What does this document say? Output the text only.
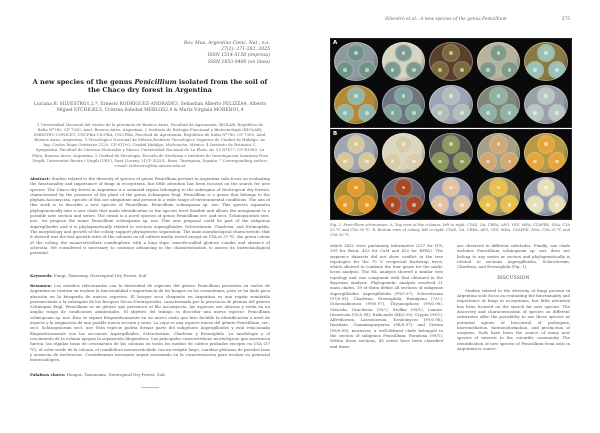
Rev. Mus. Argentino Cienc. Nat., n.s.
27(2): 271-282, 2025
ISSN 1514-5158 (impresa)
ISSN 1853-0400 (en línea)
A new species of the genus Penicillium isolated from the soil of the Chaco dry forest in Argentina
Luciana B. SILVESTRO1,2,*, Ernesto RODRÍGUEZ-ANDRADE3, Sebastian Alberto PELIZZA4, Alberto Miguel STCHIGEL5, Cristina Soledad MERLOS2,4 & María Virginia MORENO1,4
1 Universidad Nacional del centro de la provincia de Buenos Aires, Facultad de Agronomía, BIOLAB, República de Italia Nº780, CP 7300, Azul, Buenos Aires, Argentina. 2 Instituto de Biología Funcional y Biotecnología (BIOLAB), INBIOTEC-CONICET, UNCPBA-CICPBA, UNCPBA, Facultad de Agronomía, República de Italia Nº780, CP 7300, Azul, Buenos Aires, Argentina. 3 Tecnológico Nacional de México/Instituto Tecnológico Superior de Ciudad de Hidalgo, Av. Ing. Carlos Rojas Gutiérrez 2120, CP 61100, Ciudad Hidalgo, Michoacán, México. 4 Instituto de Botánica C. Spegazzini, Facultad de Ciencias Naturales y Museo Universidad Nacional de La Plata, Av. 53 Nº477, CP B1900, La Plata, Buenos Aires, Argentina. 5 Unidad de Micología, Escuela de Medicina e Instituto de Investigación Sanitaria Pere Virgili, Universitat Rovira i Virgili (URV), Sant Llorenç 21CP 43201, Reus, Tarragona, España. * Corresponding author: e-mail: lsilvestro@faa.unicen.edu.ar
Abstract: Studies related to the diversity of species of genus Penicillium present in Argentina soils focus on evaluating the functionality and importance of fungi in ecosystems, but little attention has been focused on the search for new species. The Chaco dry forest in Argentina is a semiarid region belonging to the subregion of Neotropical dry forests, characterized by the presence of the plant of the genus Schinopsis Engl. Penicillium is a genus that belongs to the phylum Ascomycota, species of this are ubiquitous and present in a wide range of environmental conditions. The aim of this work is to describe a new species of Penicillium, Penicillium schinopsum sp. nov. This species separates phylogenetically into a new clade that made identification to the species level feasible and allows the assignment to a possible new section and series. The strain is a novel species of genus Penicillium ser. and sect. Schinopsiorum sect. nov., we propose the name Penicillium schinopsum sp. nov. This new proposal could be part of the subgenus Aspergilloides and it is phylogenetically related to sections Aspergilloides, Sclerotiorum, Charlesia, and Eremophila. The morphology and growth of the colony support phylogenetic separation. The main morphological characteristic that it showed was the fast growth rates of the colonies on all culture media tested except on CYA at 37 ºC, the green colour of the colony, the monoverticillate conidiophore with a long stipe, smooth-walled globose conidia and absence of sclerotia. We considered it necessary to continue advancing in the characterization to assess its biotechnological potential.
Keywords: Fungi, Taxonomy, Neotropical Dry Forest, Soil.
Resumen: Los estudios relacionados con la diversidad de especies del género Penicillium presentes en suelos de Argentina se centran en evaluar la funcionalidad e importancia de los hongos en los ecosistemas, pero se ha dado poca atención en la búsqueda de nuevas especies. El bosque seco chaqueño en Argentina es una región semiárida perteneciente a la subregión de los Bosques Secos Neotropicales, caracterizada por la presencia de plantas del género Schinopsis Engl. Penicillium es un género que pertenece al filo Ascomycota, las especies son ubicuas y están en un amplio rango de condiciones ambientales. El objetivo del trabajo es describir una nueva especie: Penicillium schinopsum sp. nov. Ésta se separa filogenéticamente en un nuevo clado que hizo factible la identificación a nivel de especie y la asignación de una posible nueva sección y serie. La cepa es una especie nueva del género Penicillium, ser., sect. Schinopsiorum sect. nov. Esta especie podría formar parte del subgénero Aspergilloides y está relacionada filogenéticamente con las secciones Aspergilloides, Sclerotiorum, Charlesia y Eremophila. La morfología y el crecimiento de la colonia apoyan la separación filogenética. Las principales características morfológicas que mostraron fueron: las rápidas tasas de crecimiento de las colonias en todos los medios de cultivo probados excepto en CYA (37 ºC), el color verde de la colonia, el conidióforo monoverticilado con un estípite largo, conidias globosas de paredes lisas y ausencia de esclerocios. Consideramos necesario seguir avanzando en la caracterización para evaluar su potencial biotecnológico.
Palabras claves: Hongos, Taxonomía, Neotropical Dry Forest, Soil.
Silvestro et al.: A new species of the genus Penicillium	275
A
B
Fig. 2. Penicillium schinopsum. A. Top view of the colonies, left to right, CYAS, OA, CREA, APG, YES, MEA, CZAPEK, SNA, CYA 25 ºC and CYA 30 ºC. B. Bottom view of colony, left to right: CYAS, OA, CREA, APG, YES, MEA, CZAPEK, SNA, CYA 25 ºC and CYA 30 ºC.
which 1402 were parsimony informative (237 for ITS, 309 for BenA, 423 for CaM and 433 for RPB2). The sequence datasets did not show conflict in the tree topologies for the 70 % reciprocal bootstrap trees, which allowed to combine the four genes for the multi-locus analysis. The ML analysis showed a similar tree topology and was congruent with that obtained in the Bayesian analysis. Phylogenetic analysis resolved 21 main clades, 19 of them define all sections of subgenus Aspergilloides: Aspergilloides (99/0.97), Sclerotiorum (97/0.95), Charlesia, Eremophila, Ramigena (73/-), Ochrosalmonea (99/0.97), Thysanophora (99/0.98), Griseola, Gracilenta (95/-), Stolkia (99/1), Lanata-Divaricata (92/0.98), Exilicaulis (84/0.95), Crypta (99/1), Alfrediorum, Lasseniorum, Torulomyces (99/0.98), Inusitata, Cinnamopurpurea (98/0.97), and Citrina (99/0.99), moreover, a well-defined clade belonged to the section of subgenus Penicillium: Paradoxa (99/1). Within these sections, 43 series have been classified and these
are observed in different subclades. Finally, one clade includes Penicillium schinopsum sp. nov. does not belong to any series or section and phylogenetically is related to sections Aspergilloides, Sclerotiorum, Charlesia, and Eremophila (Fig. 1).
DISCUSSION
Studies related to the diversity of fungi present in Argentina soils focus on evaluating the functionality and importance of fungi in ecosystems, but little attention has been focused on the search for new species. The discovery and characterization of species on different substrates offer the possibility to use these species as potential agents of biocontrol of pathogens, bioremediation, biotransformation, and production of enzymes. Soils have been the source of many new species of interest to the scientific community. The identification of new species of Penicillium from soils in Argentina is scarce.
